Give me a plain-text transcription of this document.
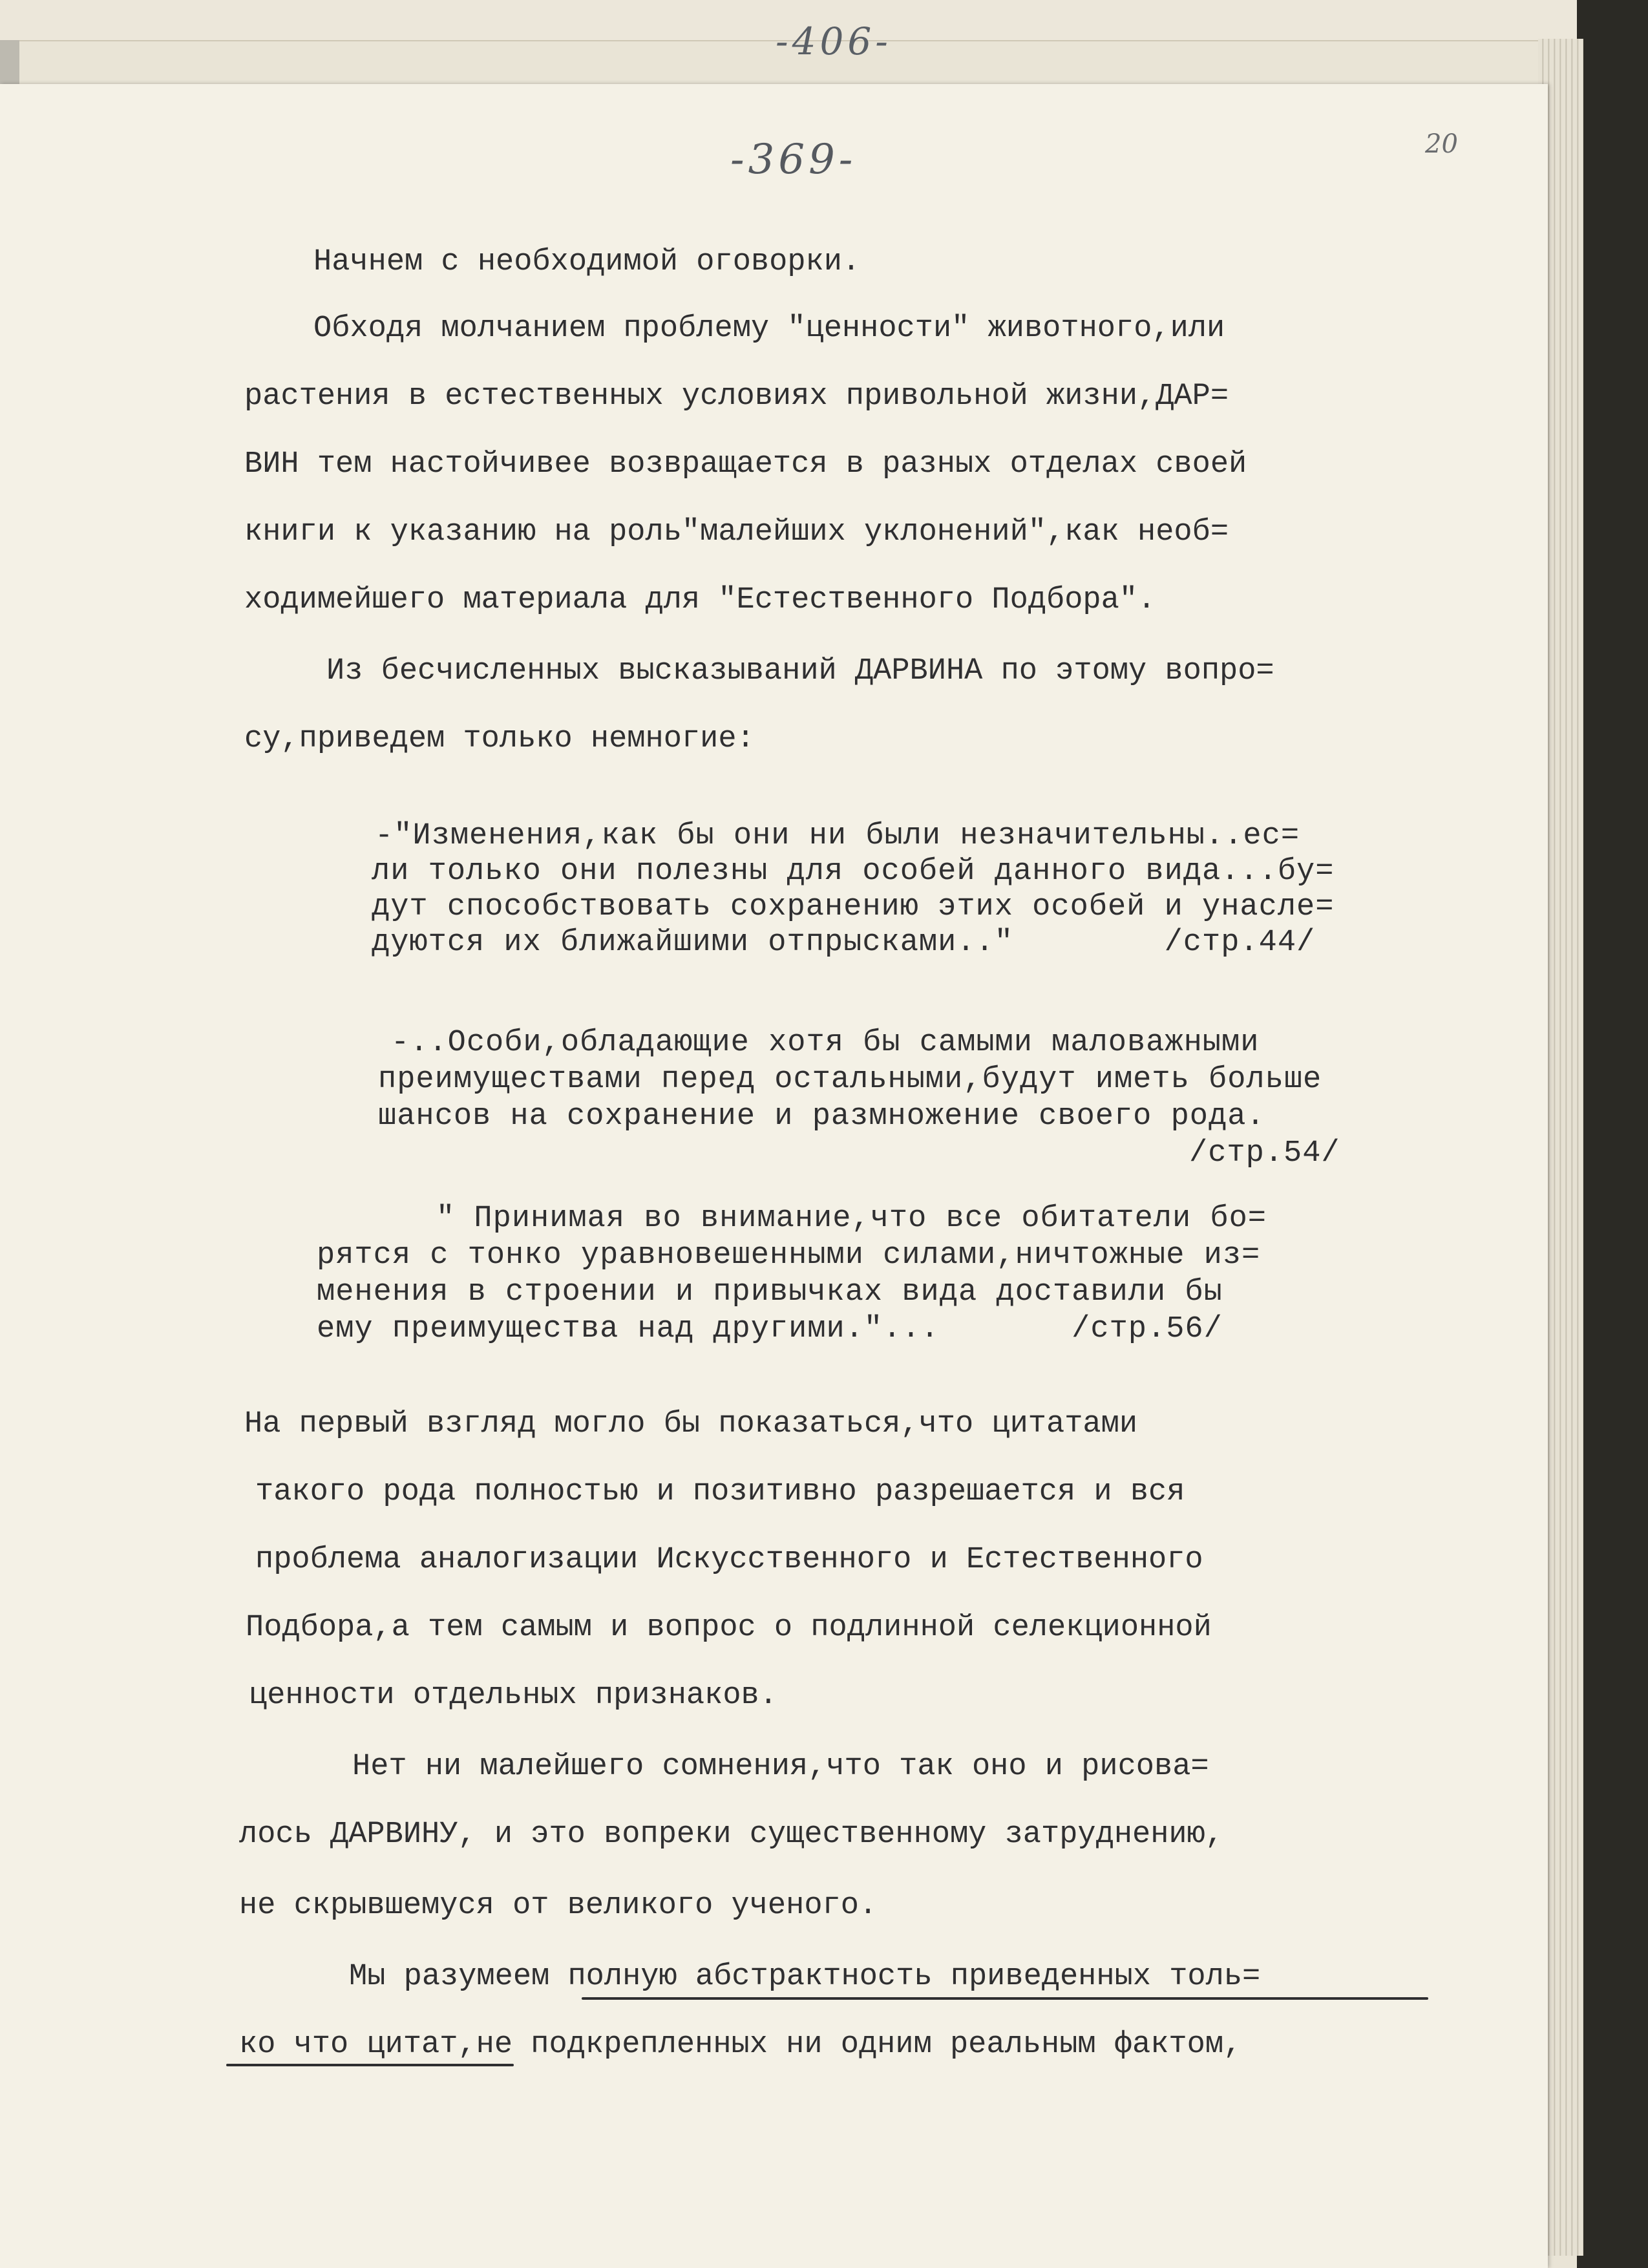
-406-

-369-	20

Начнем с необходимой оговорки.

Обходя молчанием проблему "ценности" животного,или

растения в естественных условиях привольной жизни,ДАР=

ВИН тем настойчивее возвращается в разных отделах своей

книги к указанию на роль"малейших уклонений",как необ=

ходимейшего материала для "Естественного Подбора".

Из бесчисленных высказываний ДАРВИНА по этому вопро=

су,приведем только немногие:

-"Изменения,как бы они ни были незначительны..ес=

ли только они полезны для особей данного вида...бу=

дут способствовать сохранению этих особей и унасле=

дуются их ближайшими отпрысками.."        /стр.44/

-..Особи,обладающие хотя бы самыми маловажными

преимуществами перед остальными,будут иметь больше

шансов на сохранение и размножение своего рода.

/стр.54/

" Принимая во внимание,что все обитатели бо=

рятся с тонко уравновешенными силами,ничтожные из=

менения в строении и привычках вида доставили бы

ему преимущества над другими."...       /стр.56/

На первый взгляд могло бы показаться,что цитатами

такого рода полностью и позитивно разрешается и вся

проблема аналогизации Искусственного и Естественного

Подбора,а тем самым и вопрос о подлинной селекционной

ценности отдельных признаков.

Нет ни малейшего сомнения,что так оно и рисова=

лось ДАРВИНУ, и это вопреки существенному затруднению,

не скрывшемуся от великого ученого.

Мы разумеем полную абстрактность приведенных толь=

ко что цитат,не подкрепленных ни одним реальным фактом,
